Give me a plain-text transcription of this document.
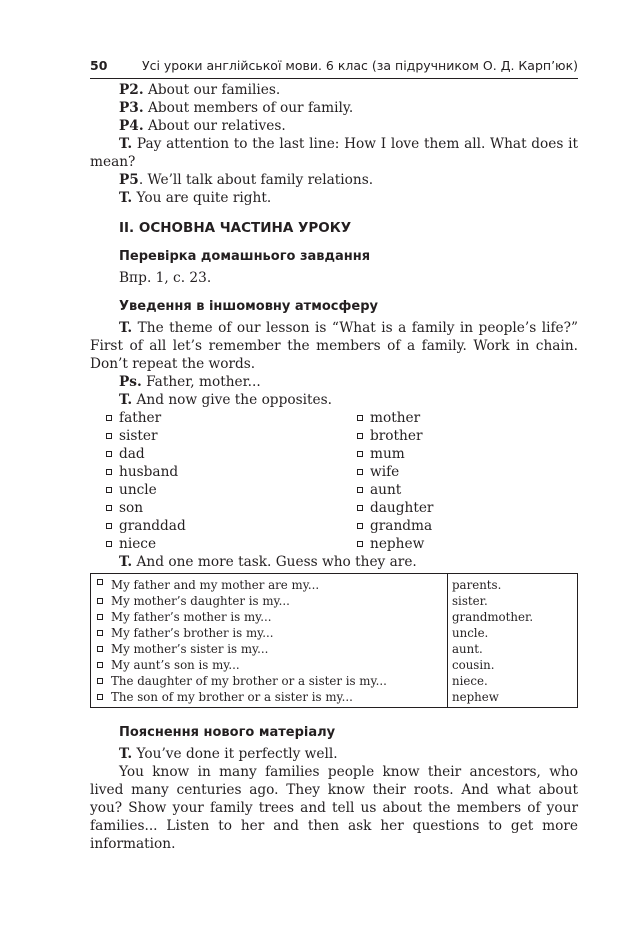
50	Усі уроки англійської мови. 6 клас (за підручником О. Д. Карп’юк)

P2. About our families.

P3. About members of our family.

P4. About our relatives.

T. Pay attention to the last line: How I love them all. What does it mean?

P5. We’ll talk about family relations.

T. You are quite right.

ІІ. ОСНОВНА ЧАСТИНА УРОКУ
Перевірка домашнього завдання

Впр. 1, с. 23.

Уведення в іншомовну атмосферу

T. The theme of our lesson is “What is a family in people’s life?” First of all let’s remember the members of a family. Work in chain. Don’t repeat the words.

Ps. Father, mother...

T. And now give the opposites.

father	mother
sister	brother
dad	mum
husband	wife
uncle	aunt
son	daughter
granddad	grandma
niece	nephew

T. And one more task. Guess who they are.

My father and my mother are my...	parents.

My mother’s daughter is my...	sister.

My father’s mother is my...	grandmother.

My father’s brother is my...	uncle.

My mother’s sister is my...	aunt.

My aunt’s son is my...	cousin.

The daughter of my brother or a sister is my...	niece.

The son of my brother or a sister is my...	nephew
Пояснення нового матеріалу

T. You’ve done it perfectly well.

You know in many families people know their ancestors, who lived many centuries ago. They know their roots. And what about you? Show your family trees and tell us about the members of your families... Listen to her and then ask her questions to get more information.
